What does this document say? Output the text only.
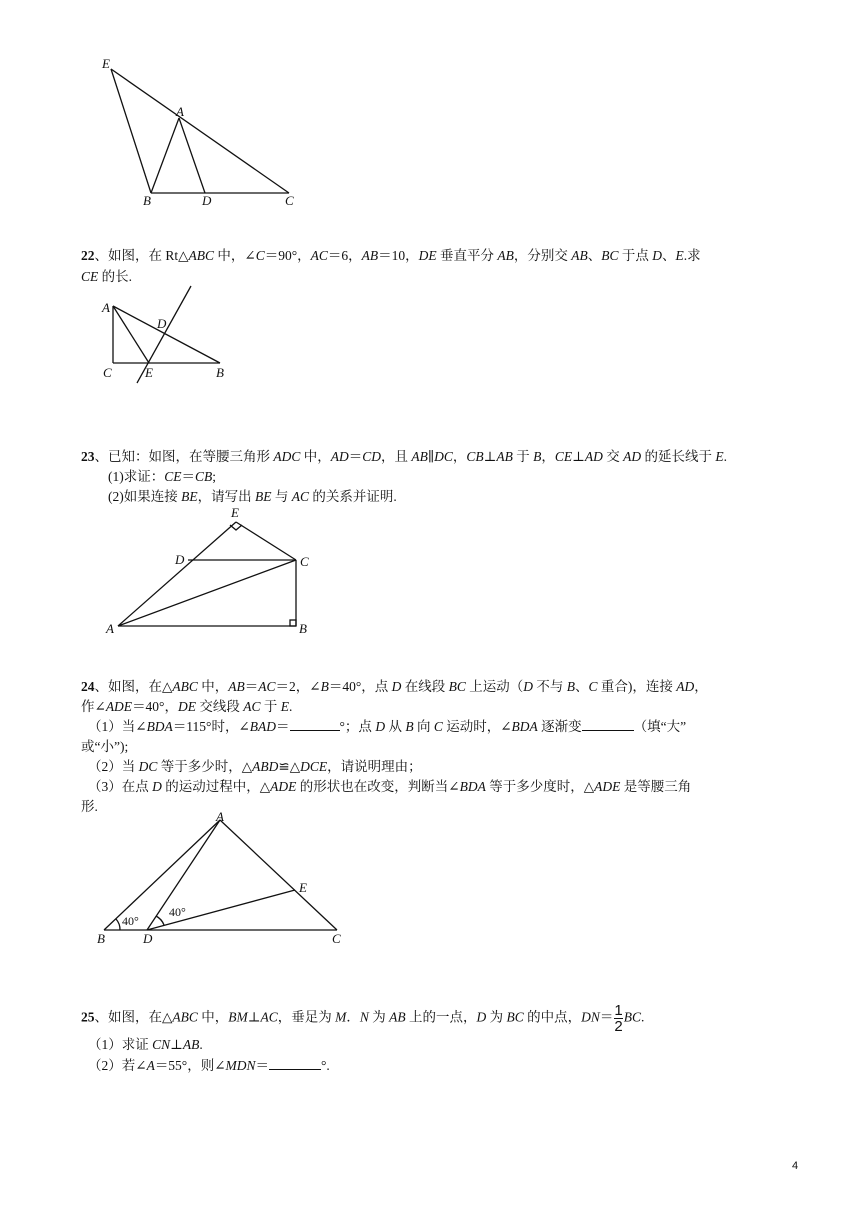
E
A
B	D	C
22、如图，在 Rt△ABC 中，∠C＝90°，AC＝6，AB＝10，DE 垂直平分 AB，分别交 AB、BC 于点 D、E.求
CE 的长.
A
D
C	E	B
23、已知：如图，在等腰三角形 ADC 中，AD＝CD，且 AB∥DC，CB⊥AB 于 B，CE⊥AD 交 AD 的延长线于 E.
(1)求证：CE＝CB;
(2)如果连接 BE，请写出 BE 与 AC 的关系并证明.
E
D	C
A	B
24、如图，在△ABC 中，AB＝AC＝2，∠B＝40°，点 D 在线段 BC 上运动（D 不与 B、C 重合)，连接 AD，
作∠ADE＝40°，DE 交线段 AC 于 E.
（1）当∠BDA＝115°时，∠BAD＝	°；点 D 从 B 向 C 运动时，∠BDA 逐渐变	（填“大”
或“小”);
（2）当 DC 等于多少时，△ABD≌△DCE，请说明理由；
（3）在点 D 的运动过程中，△ADE 的形状也在改变，判断当∠BDA 等于多少度时，△ADE 是等腰三角
形.
A
E
B	D	C
40°
40°
25、如图，在△ABC 中，BM⊥AC，垂足为 M．N 为 AB 上的一点，D 为 BC 的中点，$DN= \frac{1}{2}$ BC.
（1）求证 CN⊥AB.
（2）若∠A＝55°，则∠MDN＝	°.
4
